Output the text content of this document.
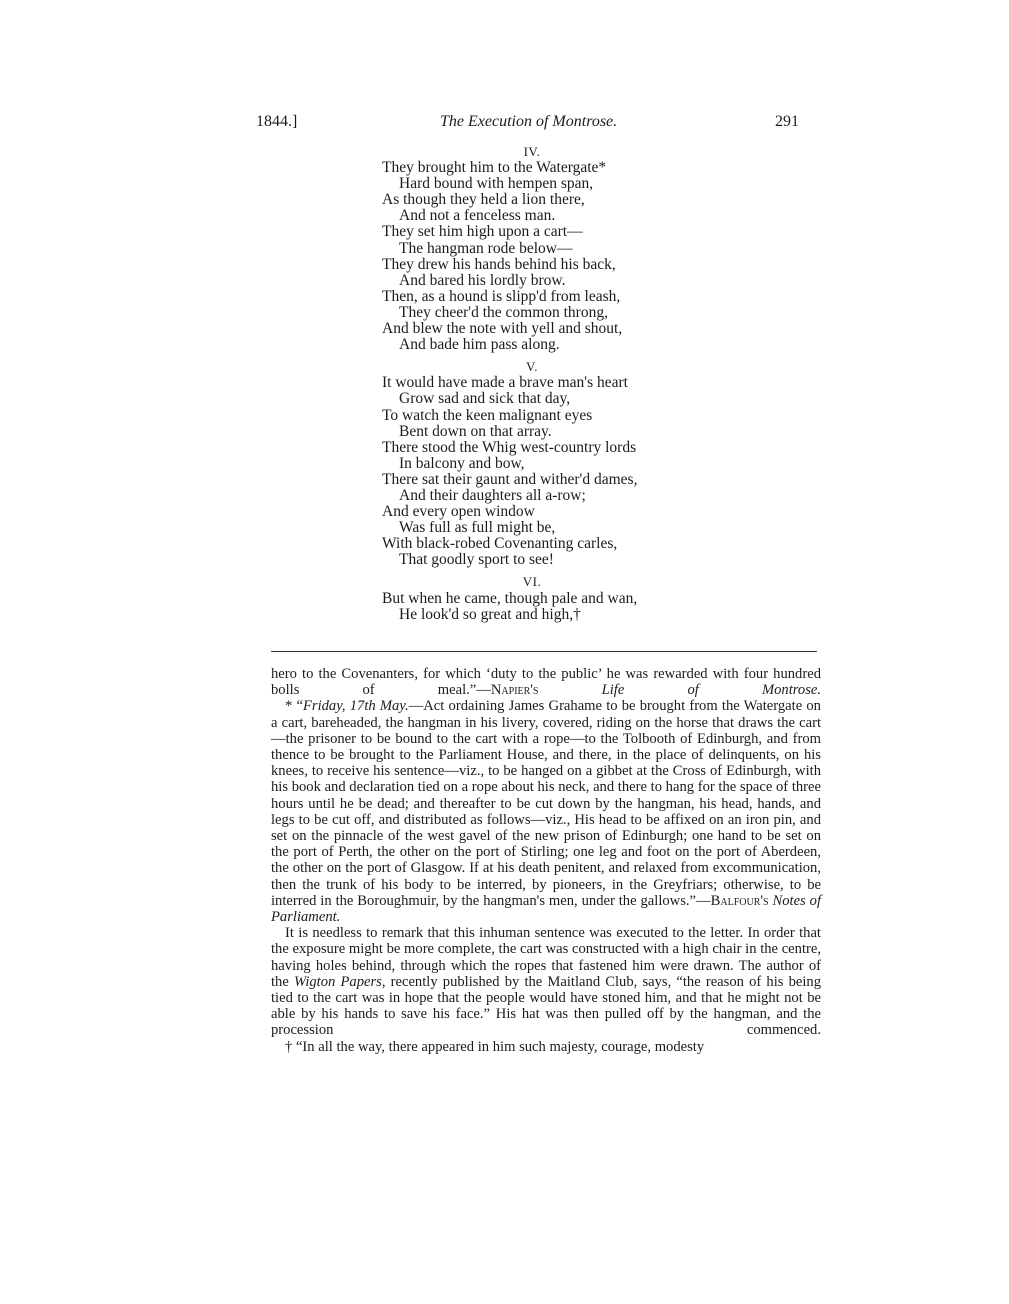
1844.]	The Execution of Montrose.	291
IV.
They brought him to the Watergate*
Hard bound with hempen span,
As though they held a lion there,
And not a fenceless man.
They set him high upon a cart—
The hangman rode below—
They drew his hands behind his back,
And bared his lordly brow.
Then, as a hound is slipp'd from leash,
They cheer'd the common throng,
And blew the note with yell and shout,
And bade him pass along.
V.
It would have made a brave man's heart
Grow sad and sick that day,
To watch the keen malignant eyes
Bent down on that array.
There stood the Whig west-country lords
In balcony and bow,
There sat their gaunt and wither'd dames,
And their daughters all a-row;
And every open window
Was full as full might be,
With black-robed Covenanting carles,
That goodly sport to see!
VI.
But when he came, though pale and wan,
He look'd so great and high,†

hero to the Covenanters, for which ‘duty to the public’ he was rewarded with four hundred bolls of meal.”—Napier's	Life of Montrose.

* “Friday, 17th May.—Act ordaining James Grahame to be brought from the Watergate on a cart, bareheaded, the hangman in his livery, covered, riding on the horse that draws the cart—the prisoner to be bound to the cart with a rope—to the Tolbooth of Edinburgh, and from thence to be brought to the Parliament House, and there, in the place of delinquents, on his knees, to receive his sentence—viz., to be hanged on a gibbet at the Cross of Edinburgh, with his book and declaration tied on a rope about his neck, and there to hang for the space of three hours until he be dead; and thereafter to be cut down by the hangman, his head, hands, and legs to be cut off, and distributed as follows—viz., His head to be affixed on an iron pin, and set on the pinnacle of the west gavel of the new prison of Edinburgh; one hand to be set on the port of Perth, the other on the port of Stirling; one leg and foot on the port of Aberdeen, the other on the port of Glasgow. If at his death penitent, and relaxed from excommunication, then the trunk of his body to be interred, by pioneers, in the Greyfriars; otherwise, to be interred in the Boroughmuir, by the hangman's men, under the gallows.”—Balfour's Notes of Parliament.

It is needless to remark that this inhuman sentence was executed to the letter. In order that the exposure might be more complete, the cart was constructed with a high chair in the centre, having holes behind, through which the ropes that fastened him were drawn. The author of the Wigton Papers, recently published by the Maitland Club, says, “the reason of his being tied to the cart was in hope that the people would have stoned him, and that he might not be able by his hands to save his face.” His hat was then pulled off by the hangman, and the procession commenced.

† “In all the way, there appeared in him such majesty, courage, modesty
